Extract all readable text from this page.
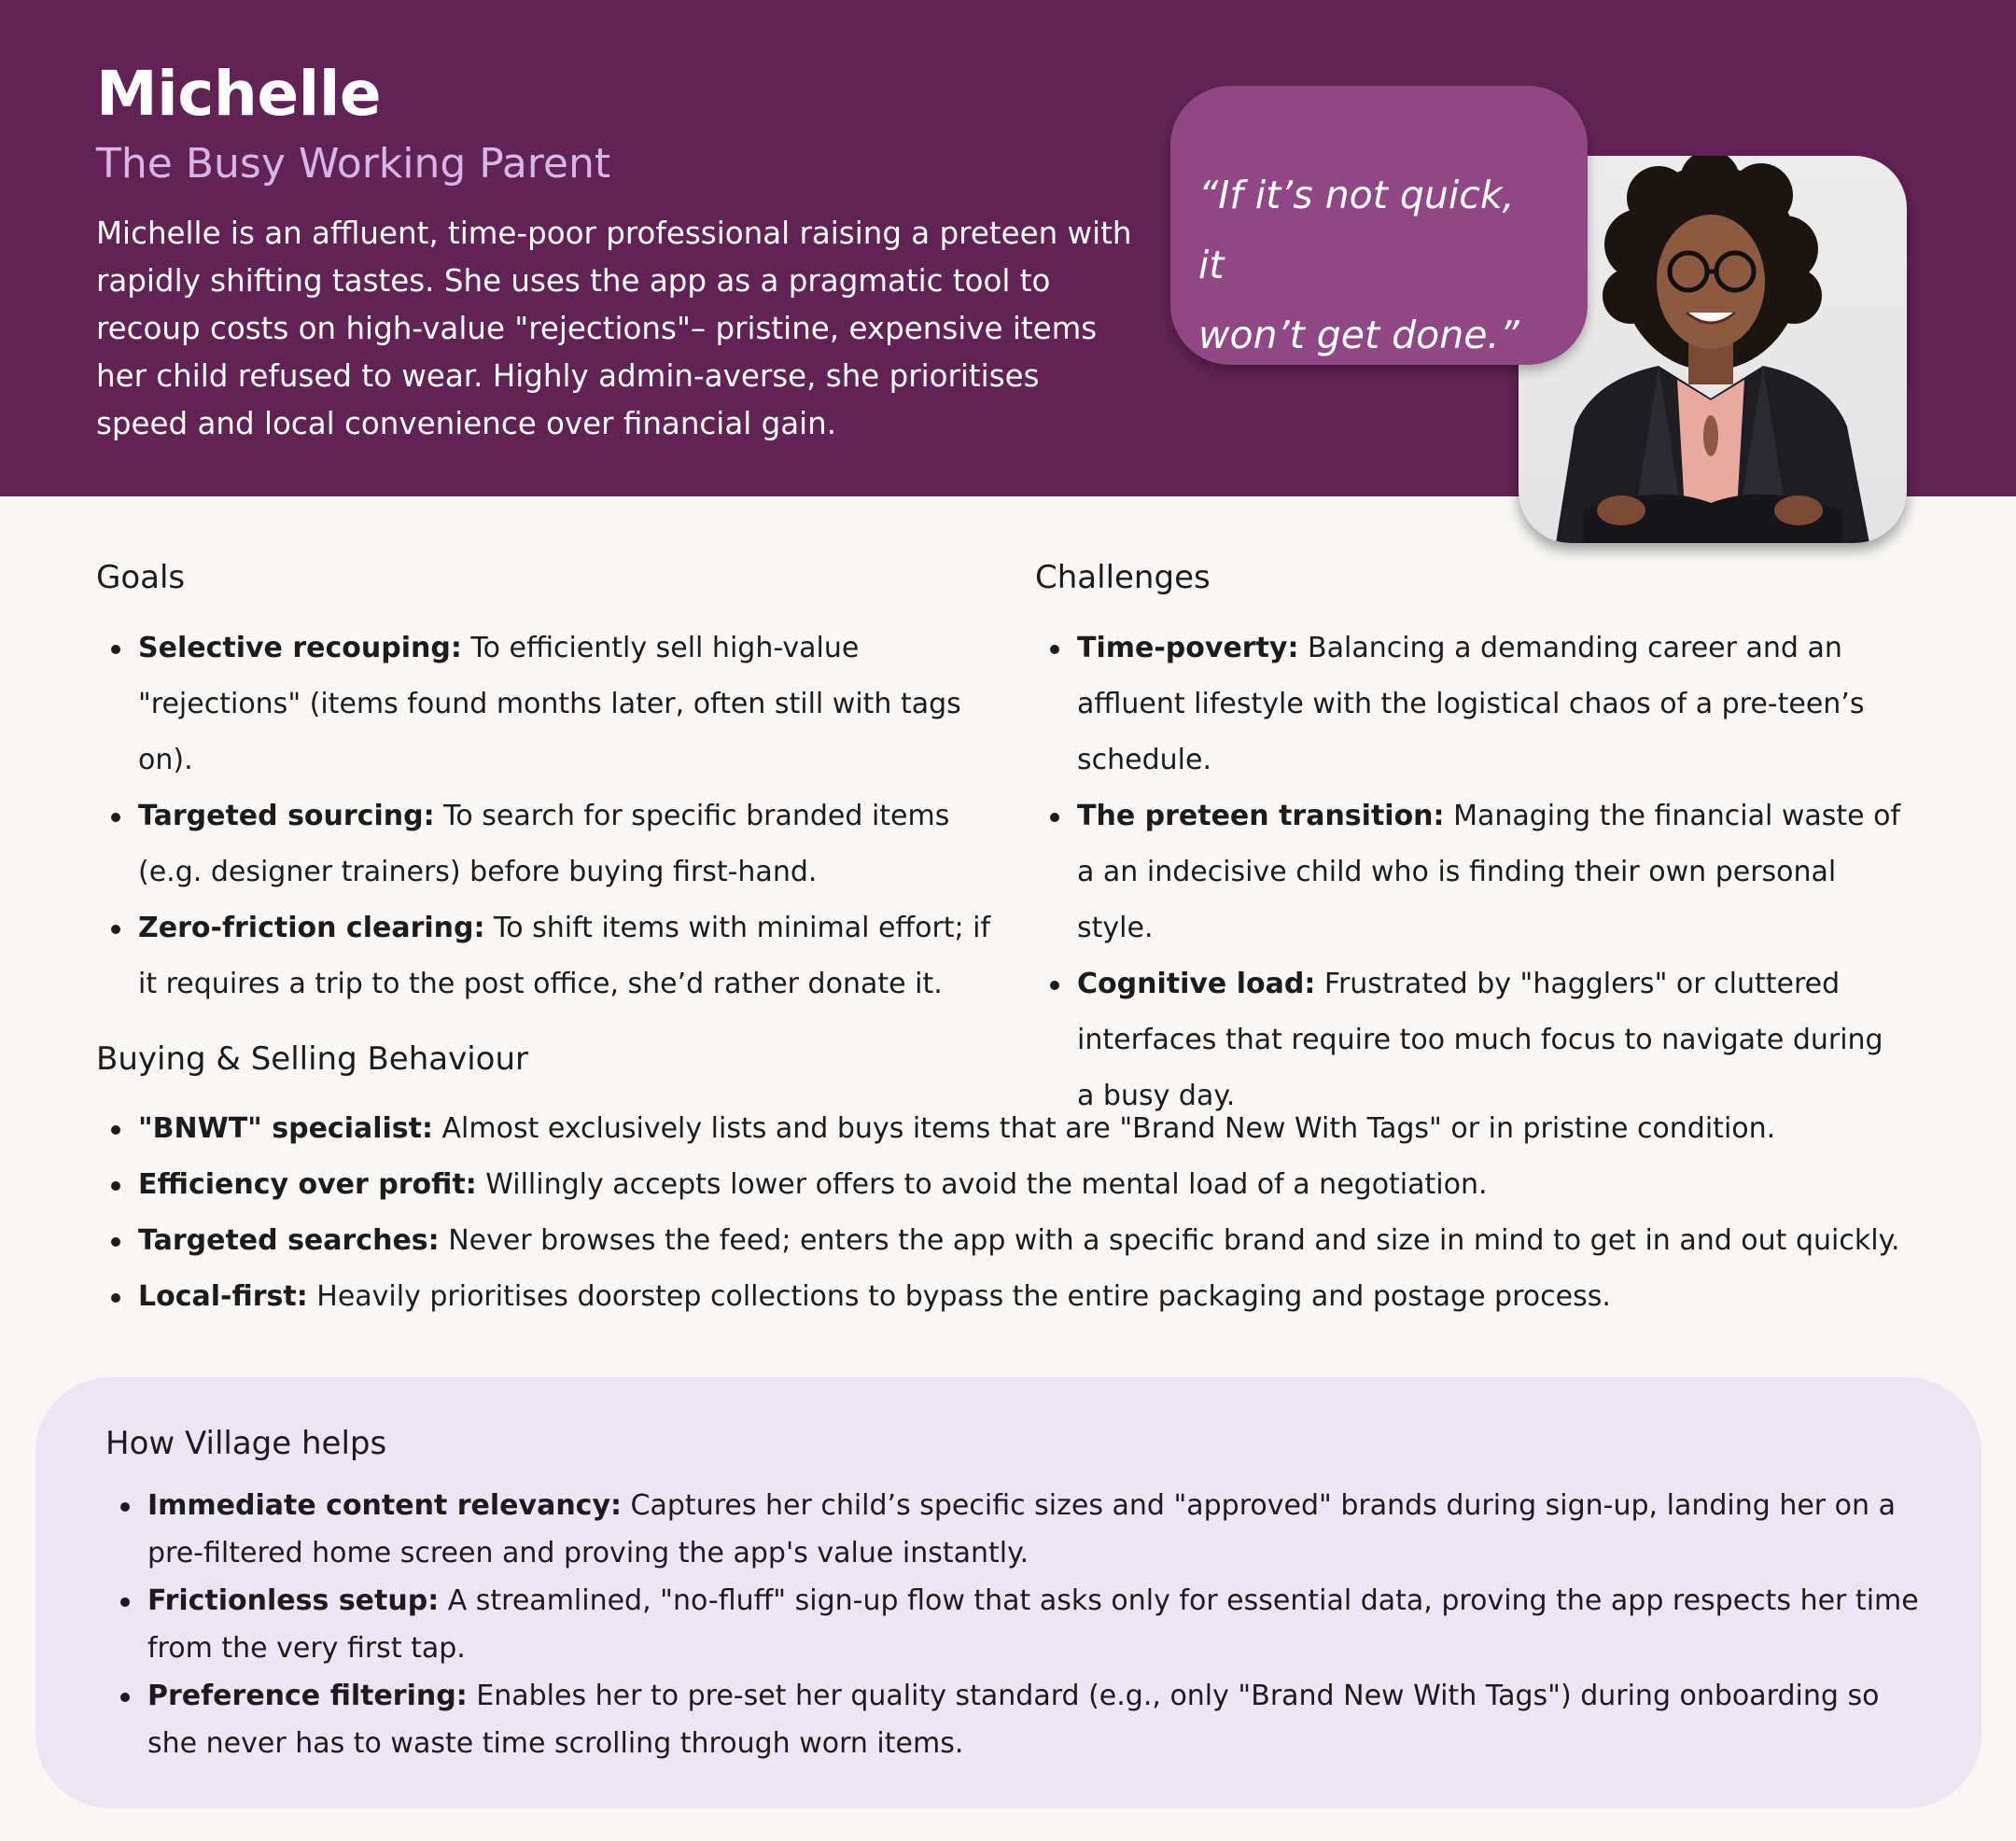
Michelle
The Busy Working Parent

Michelle is an affluent, time-poor professional raising a preteen with rapidly shifting tastes. She uses the app as a pragmatic tool to recoup costs on high-value "rejections"– pristine, expensive items her child refused to wear. Highly admin-averse, she prioritises speed and local convenience over financial gain.

“If it’s not quick, it
won’t get done.”
Goals
Selective recouping: To efficiently sell high-value "rejections" (items found months later, often still with tags on).
Targeted sourcing: To search for specific branded items (e.g. designer trainers) before buying first-hand.
Zero-friction clearing: To shift items with minimal effort; if it requires a trip to the post office, she’d rather donate it.
Challenges
Time-poverty: Balancing a demanding career and an affluent lifestyle with the logistical chaos of a pre-teen’s schedule.
The preteen transition: Managing the financial waste of a an indecisive child who is finding their own personal style.
Cognitive load: Frustrated by "hagglers" or cluttered interfaces that require too much focus to navigate during a busy day.
Buying & Selling Behaviour
"BNWT" specialist: Almost exclusively lists and buys items that are "Brand New With Tags" or in pristine condition.
Efficiency over profit: Willingly accepts lower offers to avoid the mental load of a negotiation.
Targeted searches: Never browses the feed; enters the app with a specific brand and size in mind to get in and out quickly.
Local-first: Heavily prioritises doorstep collections to bypass the entire packaging and postage process.
How Village helps
Immediate content relevancy: Captures her child’s specific sizes and "approved" brands during sign-up, landing her on a pre-filtered home screen and proving the app's value instantly.
Frictionless setup: A streamlined, "no-fluff" sign-up flow that asks only for essential data, proving the app respects her time from the very first tap.
Preference filtering: Enables her to pre-set her quality standard (e.g., only "Brand New With Tags") during onboarding so she never has to waste time scrolling through worn items.
